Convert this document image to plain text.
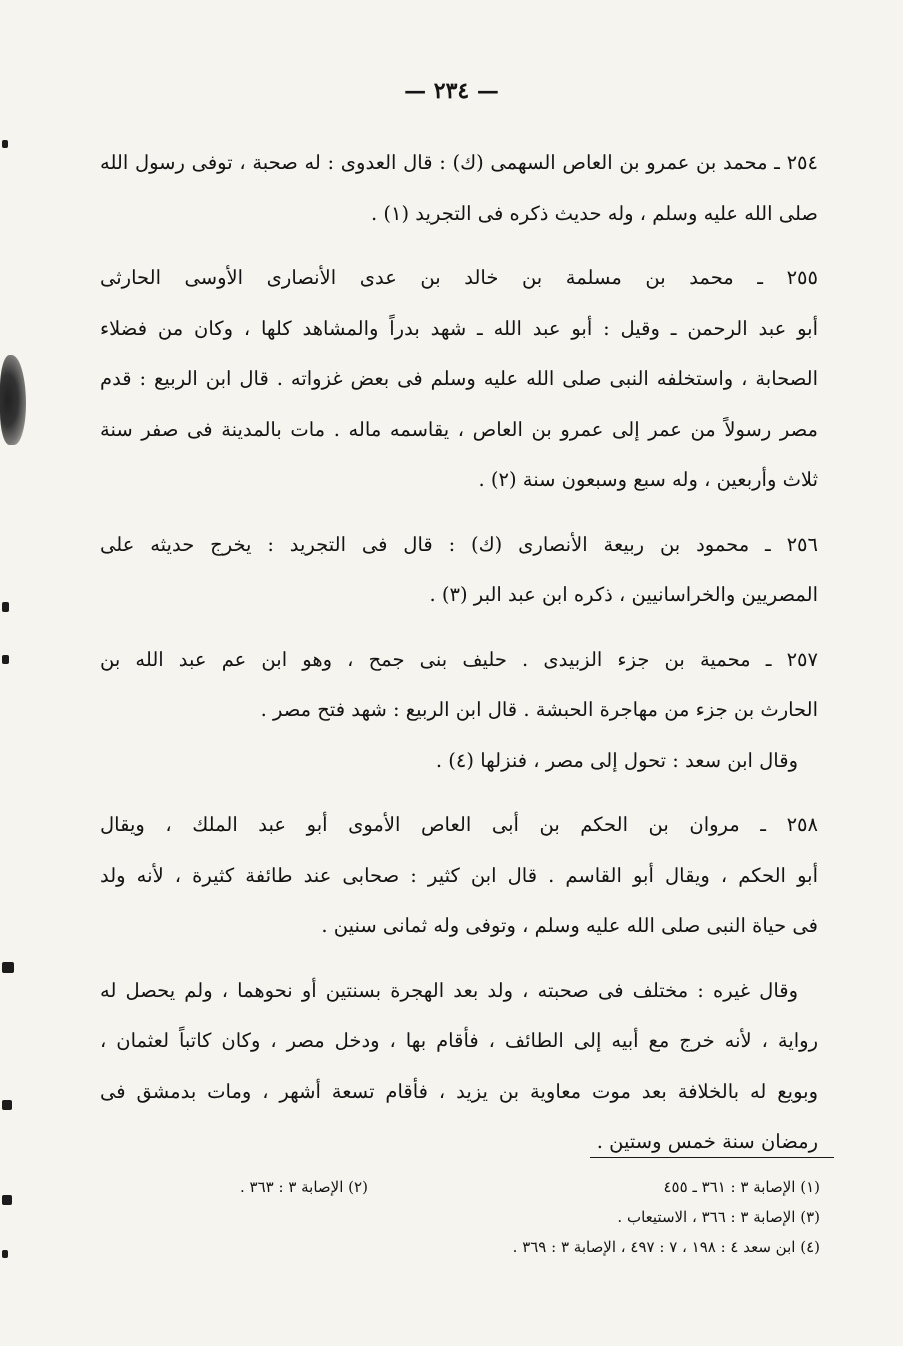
— ٢٣٤ —
٢٥٤ ـ محمد بن عمرو بن العاص السهمى (ك) : قال العدوى : له صحبة ، توفى رسول الله
صلى الله عليه وسلم ، وله حديث ذكره فى التجريد (١) .
٢٥٥ ـ محمد بن مسلمة بن خالد بن عدى الأنصارى الأوسى الحارثى
أبو عبد الرحمن ـ وقيل : أبو عبد الله ـ شهد بدراً والمشاهد كلها ، وكان من فضلاء
الصحابة ، واستخلفه النبى صلى الله عليه وسلم فى بعض غزواته . قال ابن الربيع : قدم
مصر رسولاً من عمر إلى عمرو بن العاص ، يقاسمه ماله . مات بالمدينة فى صفر سنة
ثلاث وأربعين ، وله سبع وسبعون سنة (٢) .
٢٥٦ ـ محمود بن ربيعة الأنصارى (ك) : قال فى التجريد : يخرج حديثه على
المصريين والخراسانيين ، ذكره ابن عبد البر (٣) .
٢٥٧ ـ محمية بن جزء الزبيدى . حليف بنى جمح ، وهو ابن عم عبد الله بن
الحارث بن جزء من مهاجرة الحبشة . قال ابن الربيع : شهد فتح مصر .
وقال ابن سعد : تحول إلى مصر ، فنزلها (٤) .
٢٥٨ ـ مروان بن الحكم بن أبى العاص الأموى أبو عبد الملك ، ويقال
أبو الحكم ، ويقال أبو القاسم . قال ابن كثير : صحابى عند طائفة كثيرة ، لأنه ولد
فى حياة النبى صلى الله عليه وسلم ، وتوفى وله ثمانى سنين .
وقال غيره : مختلف فى صحبته ، ولد بعد الهجرة بسنتين أو نحوهما ، ولم يحصل له
رواية ، لأنه خرج مع أبيه إلى الطائف ، فأقام بها ، ودخل مصر ، وكان كاتباً لعثمان ،
وبويع له بالخلافة بعد موت معاوية بن يزيد ، فأقام تسعة أشهر ، ومات بدمشق فى
رمضان سنة خمس وستين .
(١) الإصابة ٣ : ٣٦١ ـ ٤٥٥
(٢) الإصابة ٣ : ٣٦٣ .
(٣) الإصابة ٣ : ٣٦٦ ، الاستيعاب .
(٤) ابن سعد ٤ : ١٩٨ ، ٧ : ٤٩٧ ، الإصابة ٣ : ٣٦٩ .
